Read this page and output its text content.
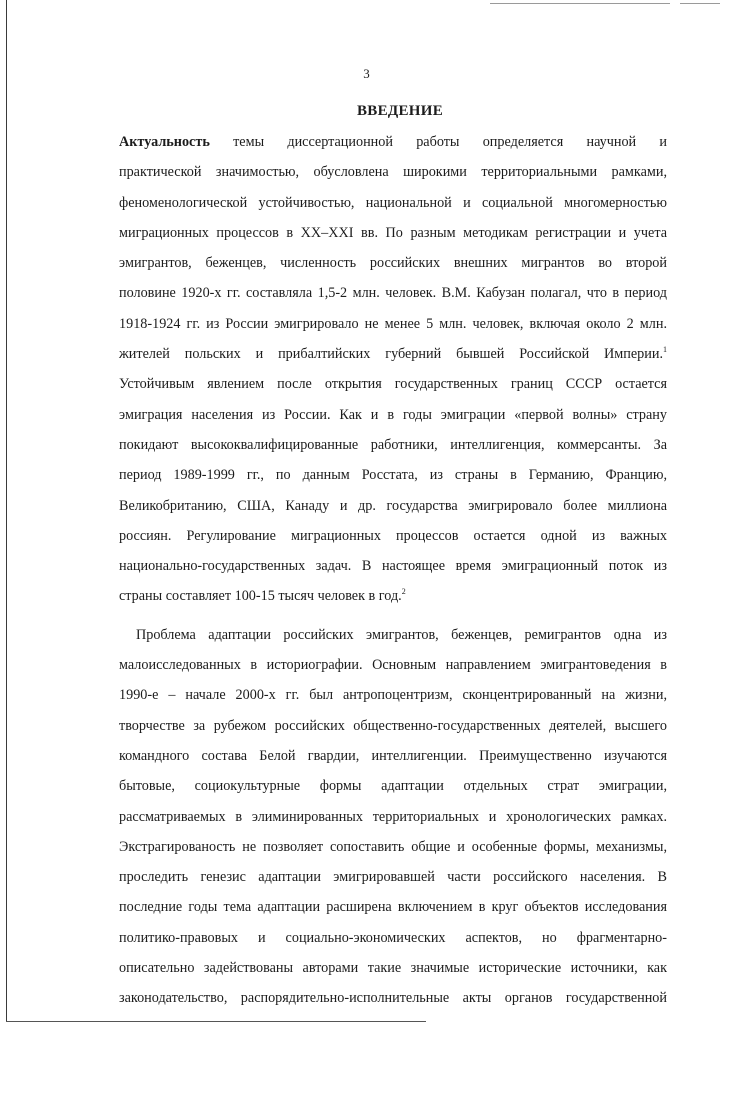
3
ВВЕДЕНИЕ
Актуальность темы диссертационной работы определяется научной и
практической значимостью, обусловлена широкими территориальными рамками,
феноменологической устойчивостью, национальной и социальной многомерностью
миграционных процессов в XX–XXI вв. По разным методикам регистрации и учета
эмигрантов, беженцев, численность российских внешних мигрантов во второй
половине 1920-х гг. составляла 1,5-2 млн. человек. В.М. Кабузан полагал, что в период
1918-1924 гг. из России эмигрировало не менее 5 млн. человек, включая около 2 млн.
жителей польских и прибалтийских губерний бывшей Российской Империи.$^1$
Устойчивым явлением после открытия государственных границ СССР остается
эмиграция населения из России. Как и в годы эмиграции «первой волны» страну
покидают высококвалифицированные работники, интеллигенция, коммерсанты. За
период 1989-1999 гг., по данным Росстата, из страны в Германию, Францию,
Великобританию, США, Канаду и др. государства эмигрировало более миллиона
россиян. Регулирование миграционных процессов остается одной из важных
национально-государственных задач. В настоящее время эмиграционный поток из
страны составляет 100-15 тысяч человек в год.$^2$
Проблема адаптации российских эмигрантов, беженцев, ремигрантов одна из
малоисследованных в историографии. Основным направлением эмигрантоведения в
1990-е – начале 2000-х гг. был антропоцентризм, сконцентрированный на жизни,
творчестве за рубежом российских общественно-государственных деятелей, высшего
командного состава Белой гвардии, интеллигенции. Преимущественно изучаются
бытовые, социокультурные формы адаптации отдельных страт эмиграции,
рассматриваемых в элиминированных территориальных и хронологических рамках.
Экстрагированость не позволяет сопоставить общие и особенные формы, механизмы,
проследить генезис адаптации эмигрировавшей части российского населения. В
последние годы тема адаптации расширена включением в круг объектов исследования
политико-правовых и социально-экономических аспектов, но фрагментарно-
описательно задействованы авторами такие значимые исторические источники, как
законодательство, распорядительно-исполнительные акты органов государственной
